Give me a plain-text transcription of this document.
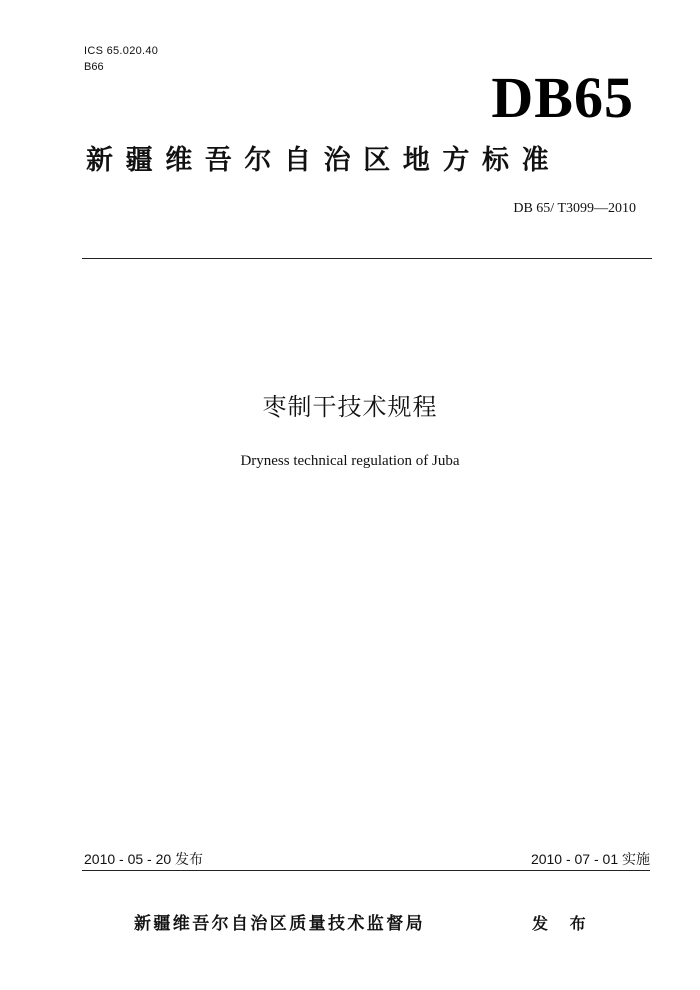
ICS 65.020.40
B66	DB65
新疆维吾尔自治区地方标准
DB 65/ T3099—2010
枣制干技术规程
Dryness technical regulation of Juba
2010 - 05 - 20 发布	2010 - 07 - 01 实施
新疆维吾尔自治区质量技术监督局	发 布
